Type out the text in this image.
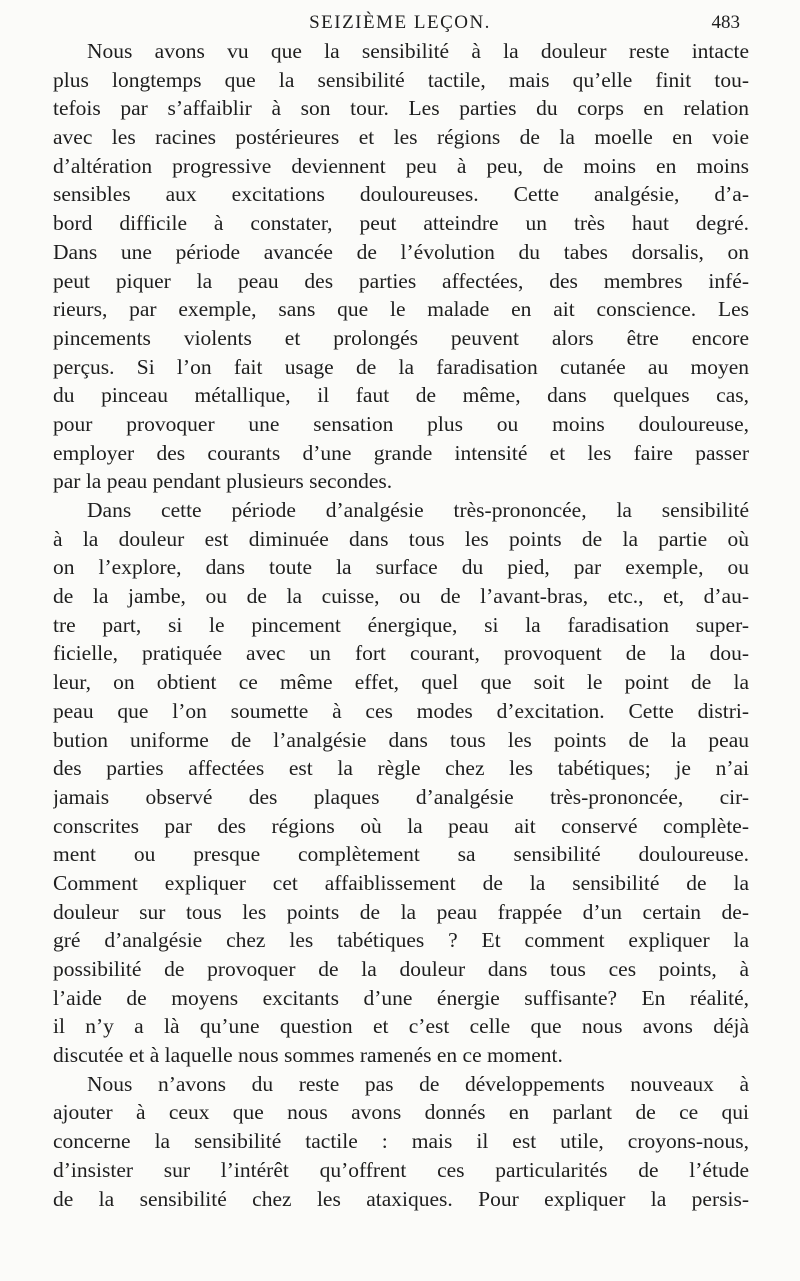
SEIZIÈME LEÇON.	483
Nous avons vu que la sensibilité à la douleur reste intacte
plus longtemps que la sensibilité tactile, mais qu’elle finit tou-
tefois par s’affaiblir à son tour. Les parties du corps en relation
avec les racines postérieures et les régions de la moelle en voie
d’altération progressive deviennent peu à peu, de moins en moins
sensibles aux excitations douloureuses. Cette analgésie, d’a-
bord difficile à constater, peut atteindre un très haut degré.
Dans une période avancée de l’évolution du tabes dorsalis, on
peut piquer la peau des parties affectées, des membres infé-
rieurs, par exemple, sans que le malade en ait conscience. Les
pincements violents et prolongés peuvent alors être encore
perçus. Si l’on fait usage de la faradisation cutanée au moyen
du pinceau métallique, il faut de même, dans quelques cas,
pour provoquer une sensation plus ou moins douloureuse,
employer des courants d’une grande intensité et les faire passer
par la peau pendant plusieurs secondes.
Dans cette période d’analgésie très-prononcée, la sensibilité
à la douleur est diminuée dans tous les points de la partie où
on l’explore, dans toute la surface du pied, par exemple, ou
de la jambe, ou de la cuisse, ou de l’avant-bras, etc., et, d’au-
tre part, si le pincement énergique, si la faradisation super-
ficielle, pratiquée avec un fort courant, provoquent de la dou-
leur, on obtient ce même effet, quel que soit le point de la
peau que l’on soumette à ces modes d’excitation. Cette distri-
bution uniforme de l’analgésie dans tous les points de la peau
des parties affectées est la règle chez les tabétiques; je n’ai
jamais observé des plaques d’analgésie très-prononcée, cir-
conscrites par des régions où la peau ait conservé complète-
ment ou presque complètement sa sensibilité douloureuse.
Comment expliquer cet affaiblissement de la sensibilité de la
douleur sur tous les points de la peau frappée d’un certain de-
gré d’analgésie chez les tabétiques ? Et comment expliquer la
possibilité de provoquer de la douleur dans tous ces points, à
l’aide de moyens excitants d’une énergie suffisante? En réalité,
il n’y a là qu’une question et c’est celle que nous avons déjà
discutée et à laquelle nous sommes ramenés en ce moment.
Nous n’avons du reste pas de développements nouveaux à
ajouter à ceux que nous avons donnés en parlant de ce qui
concerne la sensibilité tactile : mais il est utile, croyons-nous,
d’insister sur l’intérêt qu’offrent ces particularités de l’étude
de la sensibilité chez les ataxiques. Pour expliquer la persis-
